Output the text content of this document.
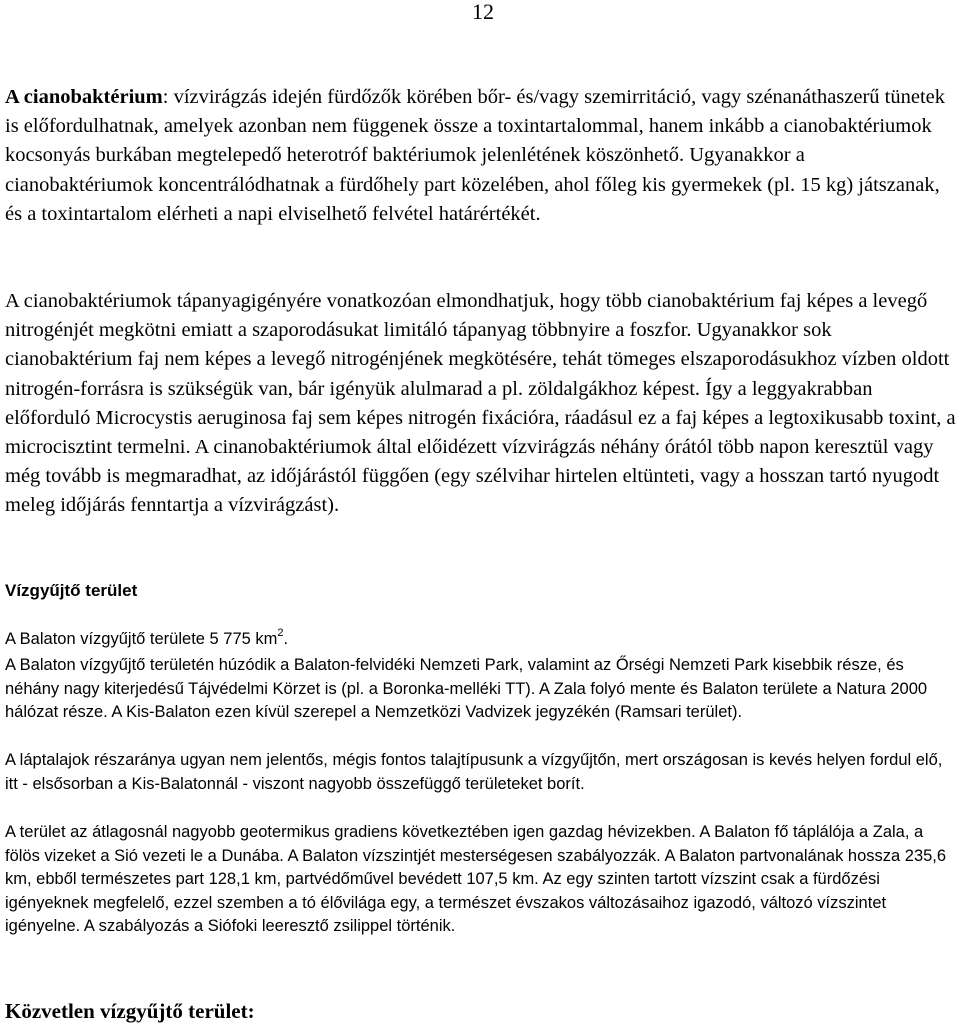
12

A cianobaktérium: vízvirágzás idején fürdőzők körében bőr- és/vagy szemirritáció, vagy szénanáthaszerű tünetek is előfordulhatnak, amelyek azonban nem függenek össze a toxintartalommal, hanem inkább a cianobaktériumok kocsonyás burkában megtelepedő heterotróf baktériumok jelenlétének köszönhető. Ugyanakkor a cianobaktériumok koncentrálódhatnak a fürdőhely part közelében, ahol főleg kis gyermekek (pl. 15 kg) játszanak, és a toxintartalom elérheti a napi elviselhető felvétel határértékét.

A cianobaktériumok tápanyagigényére vonatkozóan elmondhatjuk, hogy több cianobaktérium faj képes a levegő nitrogénjét megkötni emiatt a szaporodásukat limitáló tápanyag többnyire a foszfor. Ugyanakkor sok cianobaktérium faj nem képes a levegő nitrogénjének megkötésére, tehát tömeges elszaporodásukhoz vízben oldott nitrogén-forrásra is szükségük van, bár igényük alulmarad a pl. zöldalgákhoz képest. Így a leggyakrabban előforduló Microcystis aeruginosa faj sem képes nitrogén fixációra, ráadásul ez a faj képes a legtoxikusabb toxint, a microcisztint termelni. A cinanobaktériumok által előidézett vízvirágzás néhány órától több napon keresztül vagy még tovább is megmaradhat, az időjárástól függően (egy szélvihar hirtelen eltünteti, vagy a hosszan tartó nyugodt meleg időjárás fenntartja a vízvirágzást).

Vízgyűjtő terület

A Balaton vízgyűjtő területe 5 775 $km^2$.

A Balaton vízgyűjtő területén húzódik a Balaton-felvidéki Nemzeti Park, valamint az Őrségi Nemzeti Park kisebbik része, és néhány nagy kiterjedésű Tájvédelmi Körzet is (pl. a Boronka-melléki TT). A Zala folyó mente és Balaton területe a Natura 2000 hálózat része. A Kis-Balaton ezen kívül szerepel a Nemzetközi Vadvizek jegyzékén (Ramsari terület).

A láptalajok részaránya ugyan nem jelentős, mégis fontos talajtípusunk a vízgyűjtőn, mert országosan is kevés helyen fordul elő, itt - elsősorban a Kis-Balatonnál - viszont nagyobb összefüggő területeket borít.

A terület az átlagosnál nagyobb geotermikus gradiens következtében igen gazdag hévizekben. A Balaton fő táplálója a Zala, a fölös vizeket a Sió vezeti le a Dunába. A Balaton vízszintjét mesterségesen szabályozzák. A Balaton partvonalának hossza 235,6 km, ebből természetes part 128,1 km, partvédőművel bevédett 107,5 km. Az egy szinten tartott vízszint csak a fürdőzési igényeknek megfelelő, ezzel szemben a tó élővilága egy, a természet évszakos változásaihoz igazodó, változó vízszintet igényelne. A szabályozás a Siófoki leeresztő zsilippel történik.

Közvetlen vízgyűjtő terület:
